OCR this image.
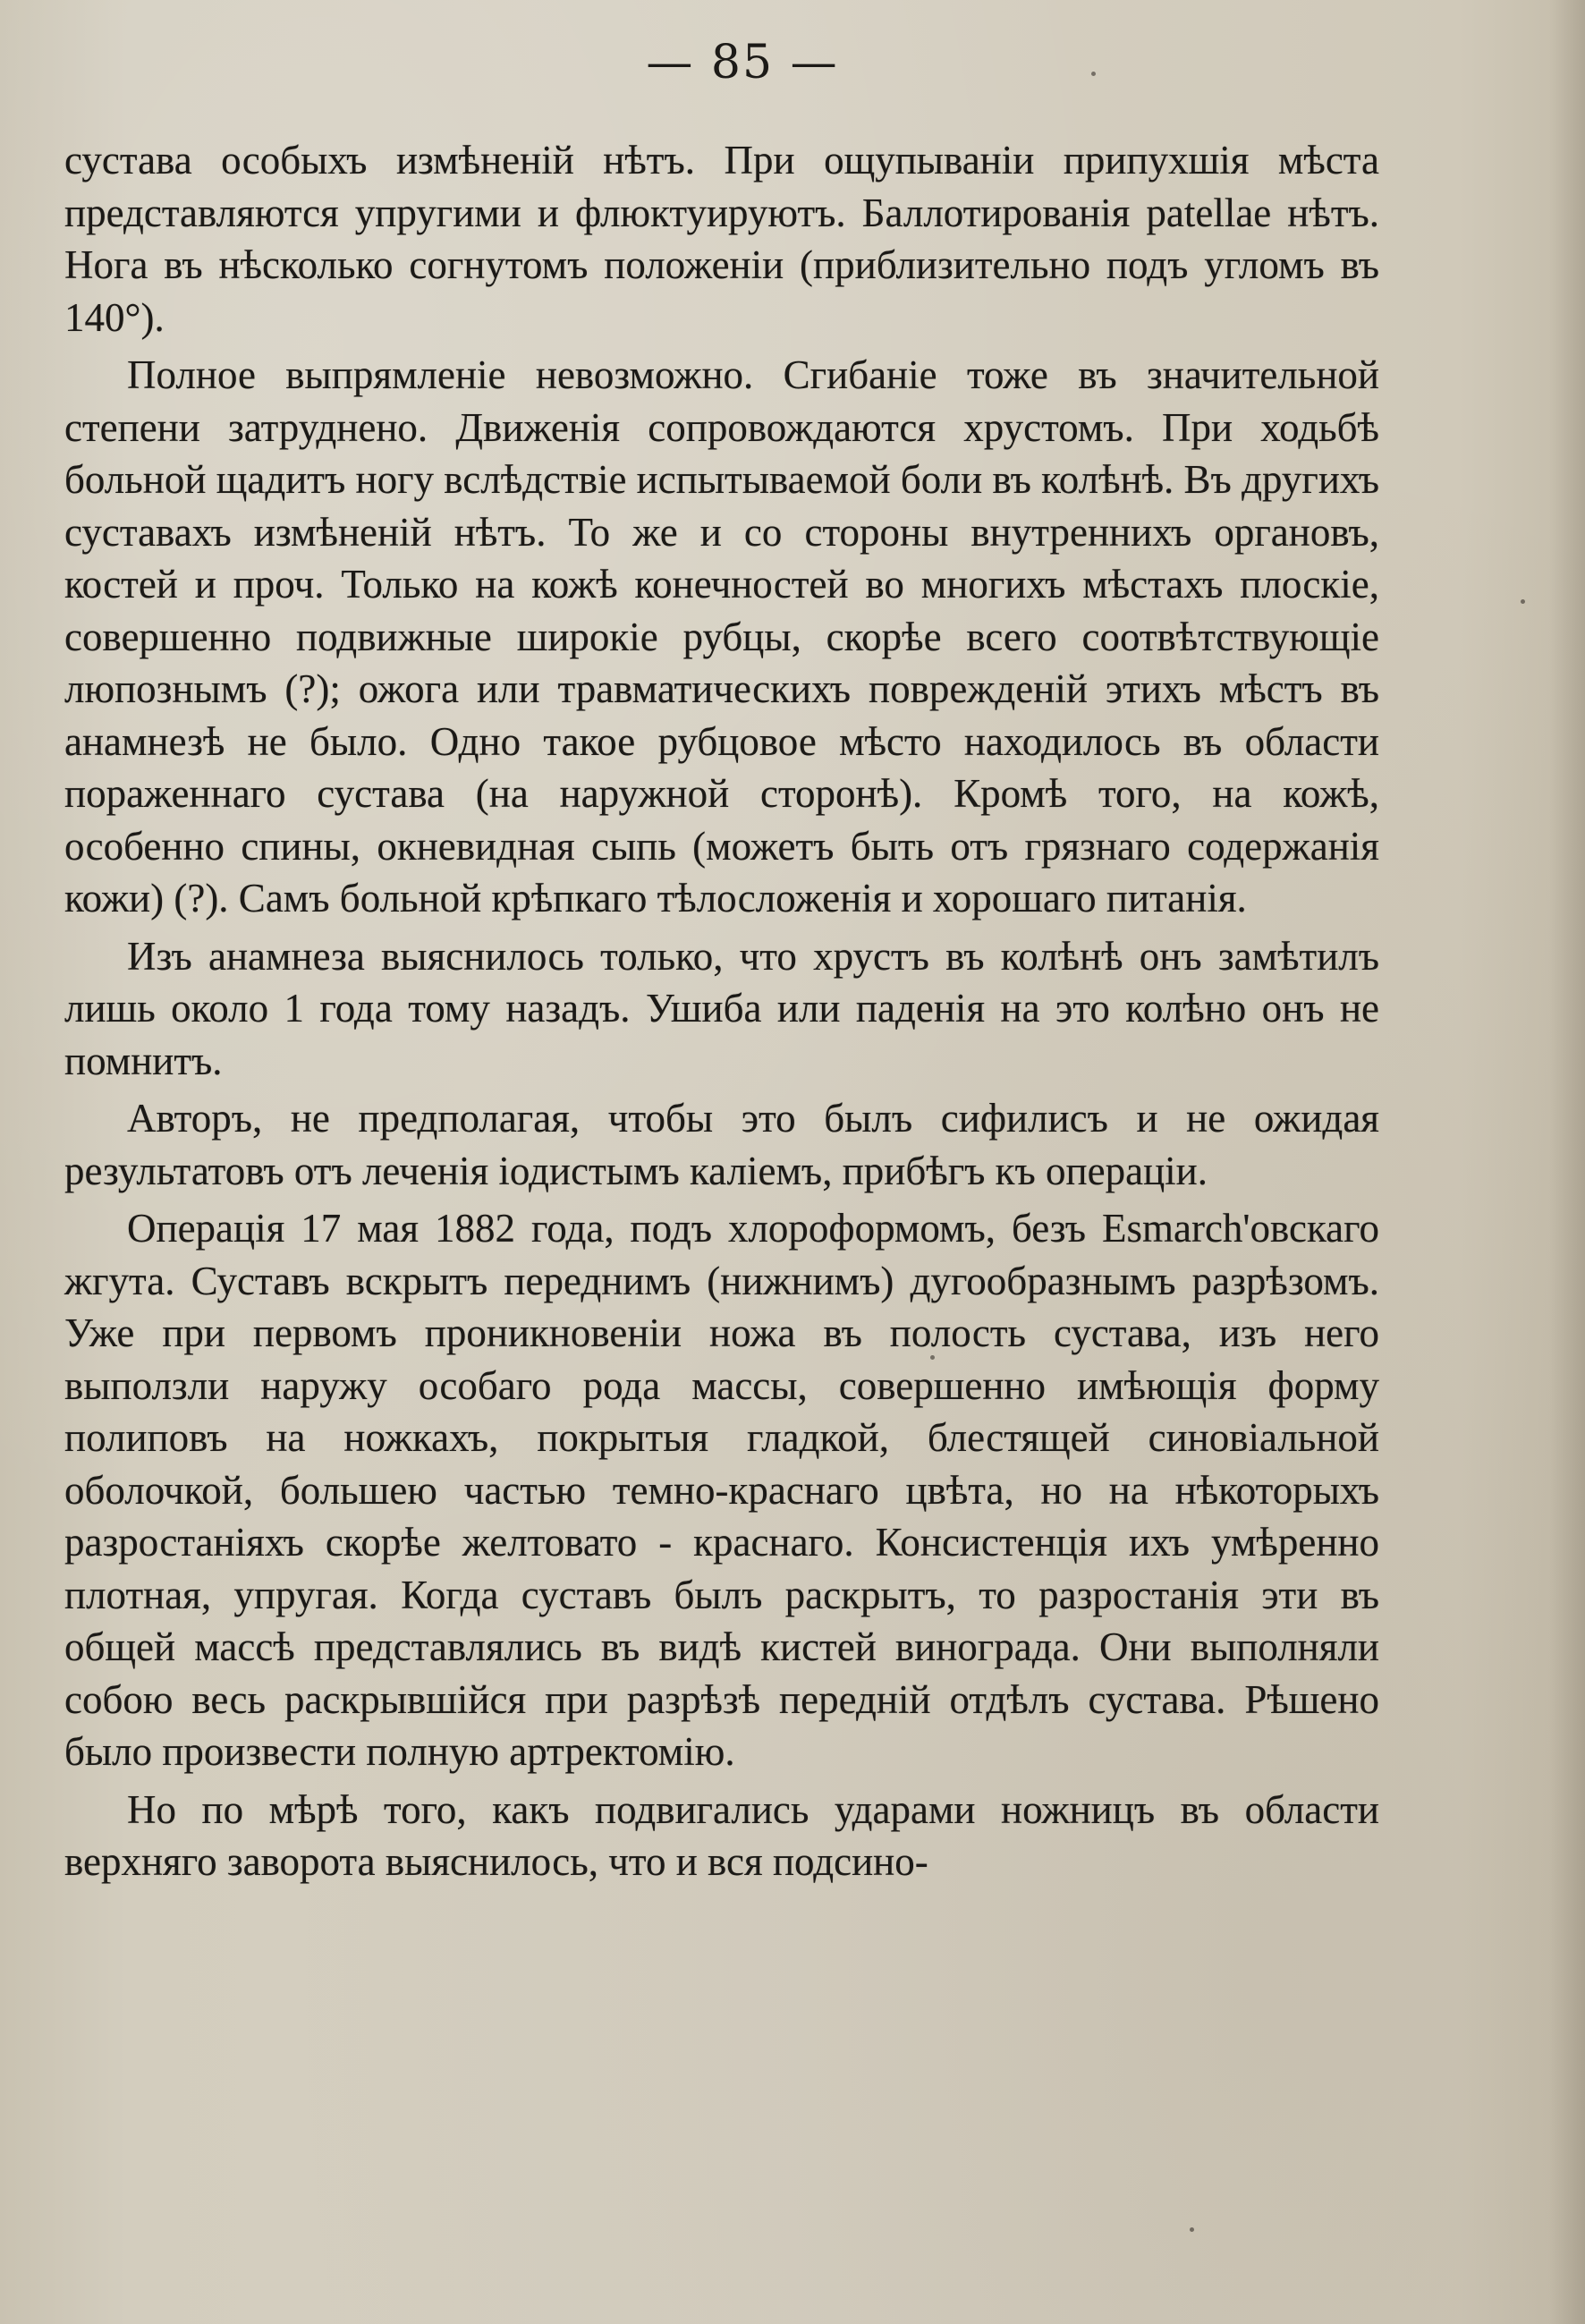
— 85 —

сустава особыхъ измѣненій нѣтъ. При ощупываніи припухшія мѣста представляются упругими и флюктуируютъ. Баллотированія patellae нѣтъ. Нога въ нѣсколько согнутомъ положеніи (приблизительно подъ угломъ въ 140°).

Полное выпрямленіе невозможно. Сгибаніе тоже въ значительной степени затруднено. Движенія сопровождаются хрустомъ. При ходьбѣ больной щадитъ ногу вслѣдствіе испытываемой боли въ колѣнѣ. Въ другихъ суставахъ измѣненій нѣтъ. То же и со стороны внутреннихъ органовъ, костей и проч. Только на кожѣ конечностей во многихъ мѣстахъ плоскіе, совершенно подвижные широкіе рубцы, скорѣе всего соотвѣтствующіе люпознымъ (?); ожога или травматическихъ поврежденій этихъ мѣстъ въ анамнезѣ не было. Одно такое рубцовое мѣсто находилось въ области пораженнаго сустава (на наружной сторонѣ). Кромѣ того, на кожѣ, особенно спины, окневидная сыпь (можетъ быть отъ грязнаго содержанія кожи) (?). Самъ больной крѣпкаго тѣлосложенія и хорошаго питанія.

Изъ анамнеза выяснилось только, что хрустъ въ колѣнѣ онъ замѣтилъ лишь около 1 года тому назадъ. Ушиба или паденія на это колѣно онъ не помнитъ.

Авторъ, не предполагая, чтобы это былъ сифилисъ и не ожидая результатовъ отъ леченія іодистымъ каліемъ, прибѣгъ къ операціи.

Операція 17 мая 1882 года, подъ хлороформомъ, безъ Esmarch'овскаго жгута. Суставъ вскрытъ переднимъ (нижнимъ) дугообразнымъ разрѣзомъ. Уже при первомъ проникновеніи ножа въ полость сустава, изъ него выползли наружу особаго рода массы, совершенно имѣющія форму полиповъ на ножкахъ, покрытыя гладкой, блестящей синовіальной оболочкой, большею частью темно-краснаго цвѣта, но на нѣкоторыхъ разростаніяхъ скорѣе желтовато - краснаго. Консистенція ихъ умѣренно плотная, упругая. Когда суставъ былъ раскрытъ, то разростанія эти въ общей массѣ представлялись въ видѣ кистей винограда. Они выполняли собою весь раскрывшійся при разрѣзѣ передній отдѣлъ сустава. Рѣшено было произвести полную артректомію.

Но по мѣрѣ того, какъ подвигались ударами ножницъ въ области верхняго заворота выяснилось, что и вся подсино-
